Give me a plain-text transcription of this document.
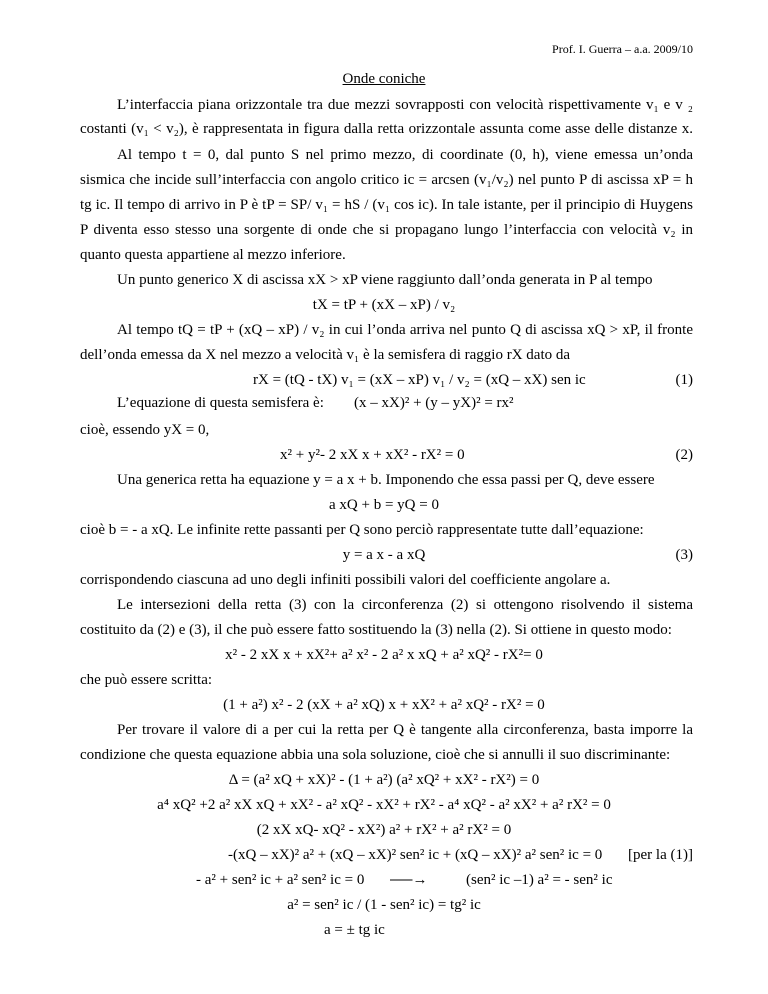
Prof. I. Guerra – a.a. 2009/10
Onde coniche
L’interfaccia piana orizzontale tra due mezzi sovrapposti con velocità rispettivamente v₁ e v ₂
costanti (v₁ < v₂), è rappresentata in figura dalla retta orizzontale assunta come asse delle distanze x.
Al tempo t = 0, dal punto S nel primo mezzo, di coordinate (0, h), viene emessa un’onda
sismica che incide sull’interfaccia con angolo critico ic = arcsen (v₁/v₂) nel punto P di ascissa xP = h
tg ic. Il tempo di arrivo in P è tP = SP/ v₁ = hS / (v₁ cos ic). In tale istante, per il principio di Huygens
P diventa esso stesso una sorgente di onde che si propagano lungo l’interfaccia con velocità v₂ in
quanto questa appartiene al mezzo inferiore.
Un punto generico X di ascissa xX > xP viene raggiunto dall’onda generata in P al tempo
tX = tP + (xX – xP) / v₂
Al tempo tQ = tP + (xQ – xP) / v₂ in cui l’onda arriva nel punto Q di ascissa xQ > xP, il fronte
dell’onda emessa da X nel mezzo a velocità v₁ è la semisfera di raggio rX dato da
rX = (tQ - tX) v₁ = (xX – xP) v₁ / v₂ = (xQ – xX) sen ic	(1)
L’equazione di questa semisfera è: (x – xX)² + (y – yX)² = rx²
cioè, essendo yX = 0,
x² + y²- 2 xX x + xX² - rX² = 0	(2)
Una generica retta ha equazione y = a x + b. Imponendo che essa passi per Q, deve essere
a xQ + b = yQ = 0
cioè b = - a xQ. Le infinite rette passanti per Q sono perciò rappresentate tutte dall’equazione:
y = a x - a xQ	(3)
corrispondendo ciascuna ad uno degli infiniti possibili valori del coefficiente angolare a.
Le intersezioni della retta (3) con la circonferenza (2) si ottengono risolvendo il sistema
costituito da (2) e (3), il che può essere fatto sostituendo la (3) nella (2). Si ottiene in questo modo:
x² - 2 xX x + xX²+ a² x² - 2 a² x xQ + a² xQ² - rX²= 0
che può essere scritta:
(1 + a²) x² - 2 (xX + a² xQ) x + xX² + a² xQ² - rX² = 0
Per trovare il valore di a per cui la retta per Q è tangente alla circonferenza, basta imporre la
condizione che questa equazione abbia una sola soluzione, cioè che si annulli il suo discriminante:
Δ = (a² xQ + xX)² - (1 + a²) (a² xQ² + xX² - rX²) = 0
a⁴ xQ² +2 a² xX xQ + xX² - a² xQ² - xX² + rX² - a⁴ xQ² - a² xX² + a² rX² = 0
(2 xX xQ- xQ² - xX²) a² + rX² + a² rX² = 0
-(xQ – xX)² a² + (xQ – xX)² sen² ic + (xQ – xX)² a² sen² ic = 0 [per la (1)]
- a² + sen² ic + a² sen² ic = 0 ⎯⎯⎯→	(sen² ic –1) a² = - sen² ic
a² = sen² ic / (1 - sen² ic) = tg² ic
a = ± tg ic
